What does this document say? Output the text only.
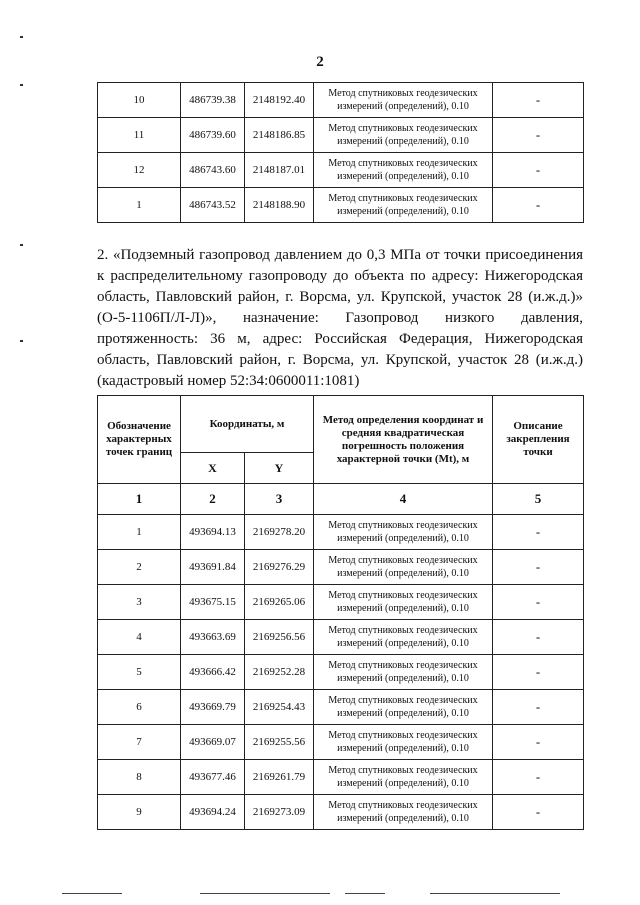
2
10	486739.38	2148192.40	Метод спутниковых геодезических измерений (определений), 0.10	-
11	486739.60	2148186.85	Метод спутниковых геодезических измерений (определений), 0.10	-
12	486743.60	2148187.01	Метод спутниковых геодезических измерений (определений), 0.10	-
1	486743.52	2148188.90	Метод спутниковых геодезических измерений (определений), 0.10	-
2. «Подземный газопровод давлением до 0,3 МПа от точки присоединения к распределительному газопроводу до объекта по адресу: Нижегородская область, Павловский район, г. Ворсма, ул. Крупской, участок 28 (и.ж.д.)» (О-5-1106П/Л-Л)», назначение: Газопровод низкого давления, протяженность: 36 м, адрес: Российская Федерация, Нижегородская область, Павловский район, г. Ворсма, ул. Крупской, участок 28 (и.ж.д.) (кадастровый номер 52:34:0600011:1081)
Обозначение характерных точек границ	Координаты, м		Метод определения координат и средняя квадратическая погрешность положения характерной точки (Mt), м	Описание закрепления точки
	X	Y		
1	2	3	4	5
1	493694.13	2169278.20	Метод спутниковых геодезических измерений (определений), 0.10	-
2	493691.84	2169276.29	Метод спутниковых геодезических измерений (определений), 0.10	-
3	493675.15	2169265.06	Метод спутниковых геодезических измерений (определений), 0.10	-
4	493663.69	2169256.56	Метод спутниковых геодезических измерений (определений), 0.10	-
5	493666.42	2169252.28	Метод спутниковых геодезических измерений (определений), 0.10	-
6	493669.79	2169254.43	Метод спутниковых геодезических измерений (определений), 0.10	-
7	493669.07	2169255.56	Метод спутниковых геодезических измерений (определений), 0.10	-
8	493677.46	2169261.79	Метод спутниковых геодезических измерений (определений), 0.10	-
9	493694.24	2169273.09	Метод спутниковых геодезических измерений (определений), 0.10	-
